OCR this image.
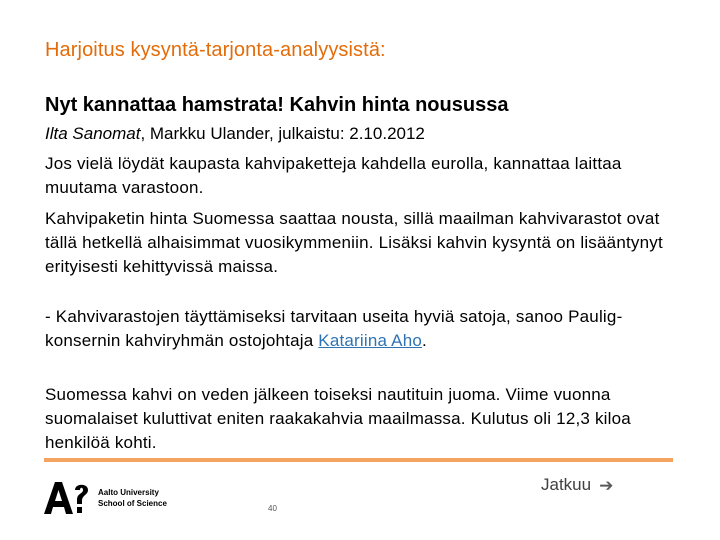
Harjoitus kysyntä-tarjonta-analyysistä:
Nyt kannattaa hamstrata! Kahvin hinta nousussa
Ilta Sanomat, Markku Ulander, julkaistu: 2.10.2012
Jos vielä löydät kaupasta kahvipaketteja kahdella eurolla, kannattaa laittaa muutama varastoon.
Kahvipaketin hinta Suomessa saattaa nousta, sillä maailman kahvivarastot ovat tällä hetkellä alhaisimmat vuosikymmeniin. Lisäksi kahvin kysyntä on lisääntynyt erityisesti kehittyvissä maissa.
- Kahvivarastojen täyttämiseksi tarvitaan useita hyviä satoja, sanoo Paulig-konsernin kahviryhmän ostojohtaja Katariina Aho.
Suomessa kahvi on veden jälkeen toiseksi nautituin juoma. Viime vuonna suomalaiset kuluttivat eniten raakakahvia maailmassa. Kulutus oli 12,3 kiloa henkilöä kohti.
Jatkuu ➔
Aalto University
School of Science
40
